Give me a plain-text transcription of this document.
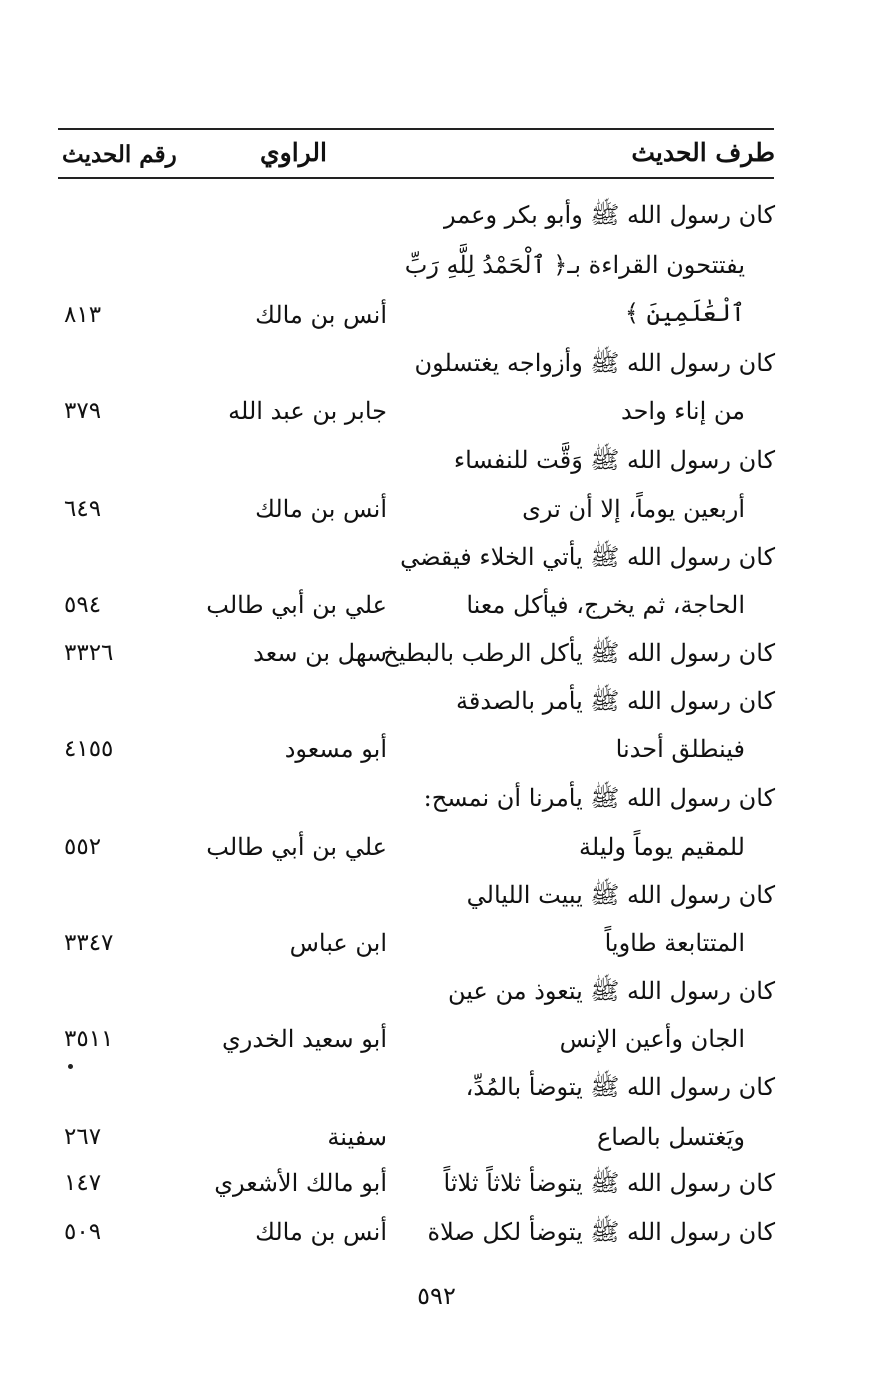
طرف الحديث
الراوي
رقم الحديث
كان رسول الله ﷺ وأبو بكر وعمر
يفتتحون القراءة بـ﴿ ٱلْحَمْدُ لِلَّهِ رَبِّ
ٱلْعَٰلَمِينَ ﴾
أنس بن مالك
٨١٣
كان رسول الله ﷺ وأزواجه يغتسلون
من إناء واحد
جابر بن عبد الله
٣٧٩
كان رسول الله ﷺ وَقَّت للنفساء
أربعين يوماً، إلا أن ترى
أنس بن مالك
٦٤٩
كان رسول الله ﷺ يأتي الخلاء فيقضي
الحاجة، ثم يخرج، فيأكل معنا
علي بن أبي طالب
٥٩٤
كان رسول الله ﷺ يأكل الرطب بالبطيخ
سهل بن سعد
٣٣٢٦
كان رسول الله ﷺ يأمر بالصدقة
فينطلق أحدنا
أبو مسعود
٤١٥٥
كان رسول الله ﷺ يأمرنا أن نمسح:
للمقيم يوماً وليلة
علي بن أبي طالب
٥٥٢
كان رسول الله ﷺ يبيت الليالي
المتتابعة طاوياً
ابن عباس
٣٣٤٧
كان رسول الله ﷺ يتعوذ من عين
الجان وأعين الإنس
أبو سعيد الخدري
٣٥١١
كان رسول الله ﷺ يتوضأ بالمُدِّ،
ويَغتسل بالصاع
سفينة
٢٦٧
كان رسول الله ﷺ يتوضأ ثلاثاً ثلاثاً
أبو مالك الأشعري
١٤٧
كان رسول الله ﷺ يتوضأ لكل صلاة
أنس بن مالك
٥٠٩
٥٩٢
